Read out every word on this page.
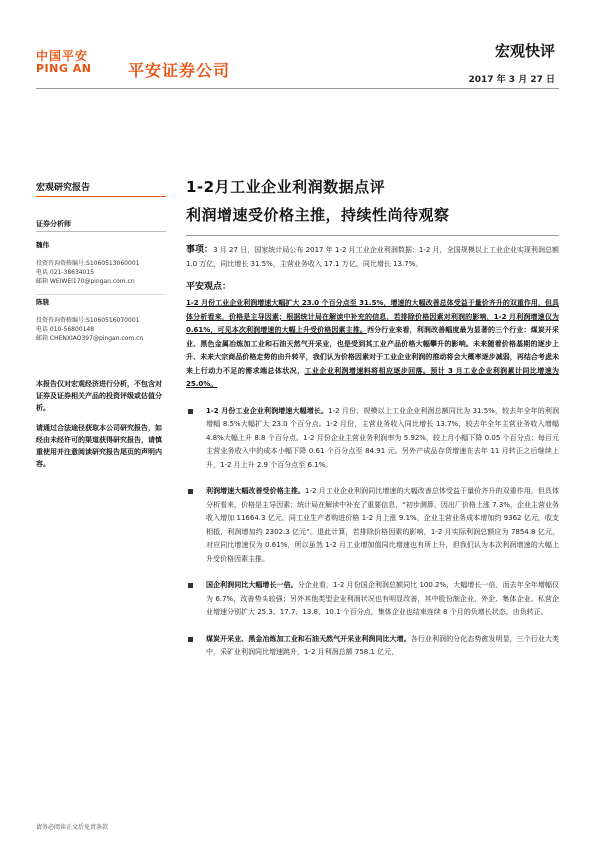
中国平安
PING AN	平安证券公司
宏观快评
2017 年 3 月 27 日
宏观研究报告
证券分析师
魏伟
投资咨询资格编号:S1060513060001
电话 021-38634015
邮箱 WEIWEI170@pingan.com.cn
陈骁
投资咨询资格编号:S1060516070001
电话 010-56800148
邮箱 CHENXIAO397@pingan.com.cn

本报告仅对宏观经济进行分析，不包含对证券及证券相关产品的投资评级或估值分析。

请通过合法途径获取本公司研究报告，如经由未经许可的渠道获得研究报告，请慎重使用并注意阅读研究报告尾页的声明内容。

1-2月工业企业利润数据点评
利润增速受价格主推，持续性尚待观察

事项：3 月 27 日，国家统计局公布 2017 年 1-2 月工业企业利润数据：1-2 月，全国规模以上工业企业实现利润总额 1.0 万亿，同比增长 31.5%，主营业务收入 17.1 万亿，同比增长 13.7%。

平安观点：

1-2 月份工业企业利润增速大幅扩大 23.0 个百分点至 31.5%，增速的大幅改善总体受益于量价齐升的双重作用，但具体分析看来，价格是主导因素；根据统计局在解读中补充的信息，若排除价格因素对利润的影响，1-2 月利润增速仅为 0.61%，可见本次利润增速的大幅上升受价格因素主推。西分行业来看，利润改善幅度最为显著的三个行业：煤炭开采业、黑色金属冶炼加工业和石油天然气开采业，也是受到其工业产品价格大幅攀升的影响。未来随着价格基期的逐步上升、未来大宗商品价格走势的由升转平，我们认为价格因素对于工业企业利润的推动将会大概率逐步减弱，再结合考虑未来上行动力不足的需求端总体状况，工业企业利润增速料将相应逐步回落。预计 3 月工业企业利润累计同比增速为 25.0%。

1-2 月份工业企业利润增速大幅增长。1-2 月份，规模以上工业企业利润总额同比为 31.5%，较去年全年的利润增幅 8.5%大幅扩大 23.0 个百分点。1-2 月份，主营业务收入同比增长 13.7%，较去年全年主营业务收入增幅 4.8%大幅上升 8.8 个百分点。1-2 月份企业主营业务利润率为 5.92%，较上月小幅下降 0.05 个百分点；每百元主营业务收入中的成本小幅下降 0.61 个百分点至 84.91 元。另外产成品存货增速在去年 11 月转正之后继续上升，1-2 月上升 2.9 个百分点至 6.1%。
利润增速大幅改善受价格主推。1-2 月工业企业利润同比增速的大幅改善总体受益于量价齐升的双重作用，但具体分析看来，价格是主导因素；统计局在解读中补充了重要信息，“初步测算，因出厂价格上涨 7.3%，企业主营业务收入增加 11664.3 亿元，同工业生产者购进价格 1-2 月上涨 9.1%，企业主营业务成本增加约 9362 亿元，收支相抵，利润增加约 2302.3 亿元”。退此计算，若排除价格因素的影响，1-2 月实际利润总额应为 7854.8 亿元，对应同比增速仅为 0.61%，所以虽然 1-2 月工业增加值同比增速也有所上升，但我们认为本次利润增速的大幅上升受价格因素主推。
国企利润同比大幅增长一倍。分企业看，1-2 月份国企利润总额同比 100.2%，大幅增长一倍，而去年全年增幅仅为 6.7%，改善势头较强；另外其他类型企业利润状况也有明显改善，其中股份制企业、外企、集体企业、私营企业增速分别扩大 25.3、17.7、13.8、10.1 个百分点，集体企业也结束连续 8 个月的负增长状态，由负转正。
煤炭开采业、黑金冶炼加工业和石油天然气开采业利润同比大增。各行业利润的分化态势愈发明显，三个行业大类中，采矿业利润同比增速跳升，1-2 月利润总额 758.1 亿元，
请务必阅读正文后免责条款
